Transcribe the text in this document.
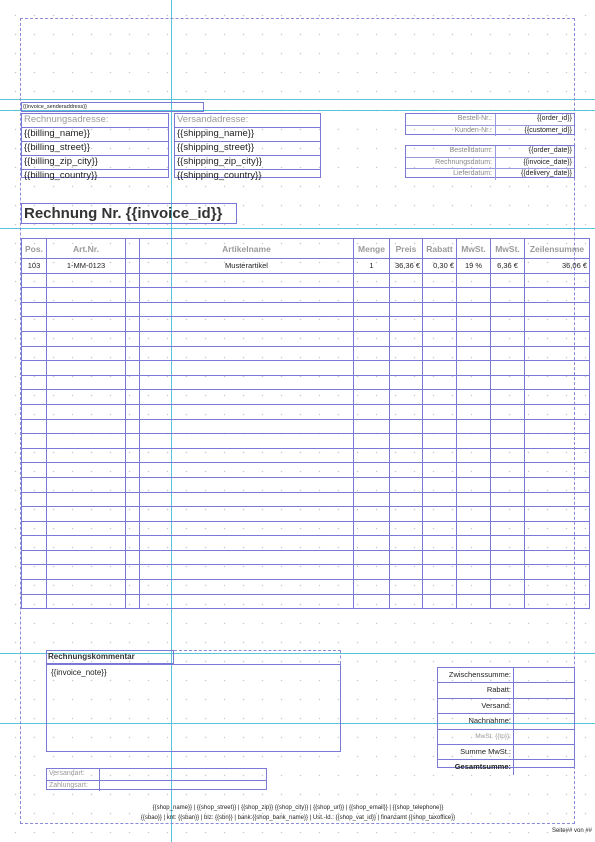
{{invoice_senderaddress}}
Rechnungsadresse:
{{billing_name}}
{{billing_street}}
{{billing_zip_city}}
{{billing_country}}
Versandadresse:
{{shipping_name}}
{{shipping_street}}
{{shipping_zip_city}}
{{shipping_country}}
Bestell-Nr.:	{{order_id}}
Kunden-Nr.:	{{customer_id}}
Bestelldatum:	{{order_date}}
Rechnungsdatum:	{{invoice_date}}
Lieferdatum:	{{delivery_date}}
Rechnung Nr. {{invoice_id}}
Pos.	Art.Nr.		Artikelname	Menge	Preis	Rabatt	MwSt.	MwSt.	Zeilensumme
103	1-MM-0123		Musterartikel	1	36,36 €	0,30 €	19 %	6,36 €	36,06 €

Rechnungskommentar
{{invoice_note}}	Zwischenssumme:
Rabatt:
Versand:
Nachnahme:
MwSt. {{tp}}:
Summe MwSt.:
Gesamtsumme:
Versandart:
Zahlungsart:
{{shop_name}} | {{shop_street}} | {{shop_zip}} {{shop_city}} | {{shop_url}} | {{shop_email}} | {{shop_telephone}}
{{sbao}} | knt: {{sban}} | blz: {{sbn}} | bank:{{shop_bank_name}} | Ust.-Id.: {{shop_vat_id}} | finanzamt {{shop_taxoffice}}
Seite## von ##
